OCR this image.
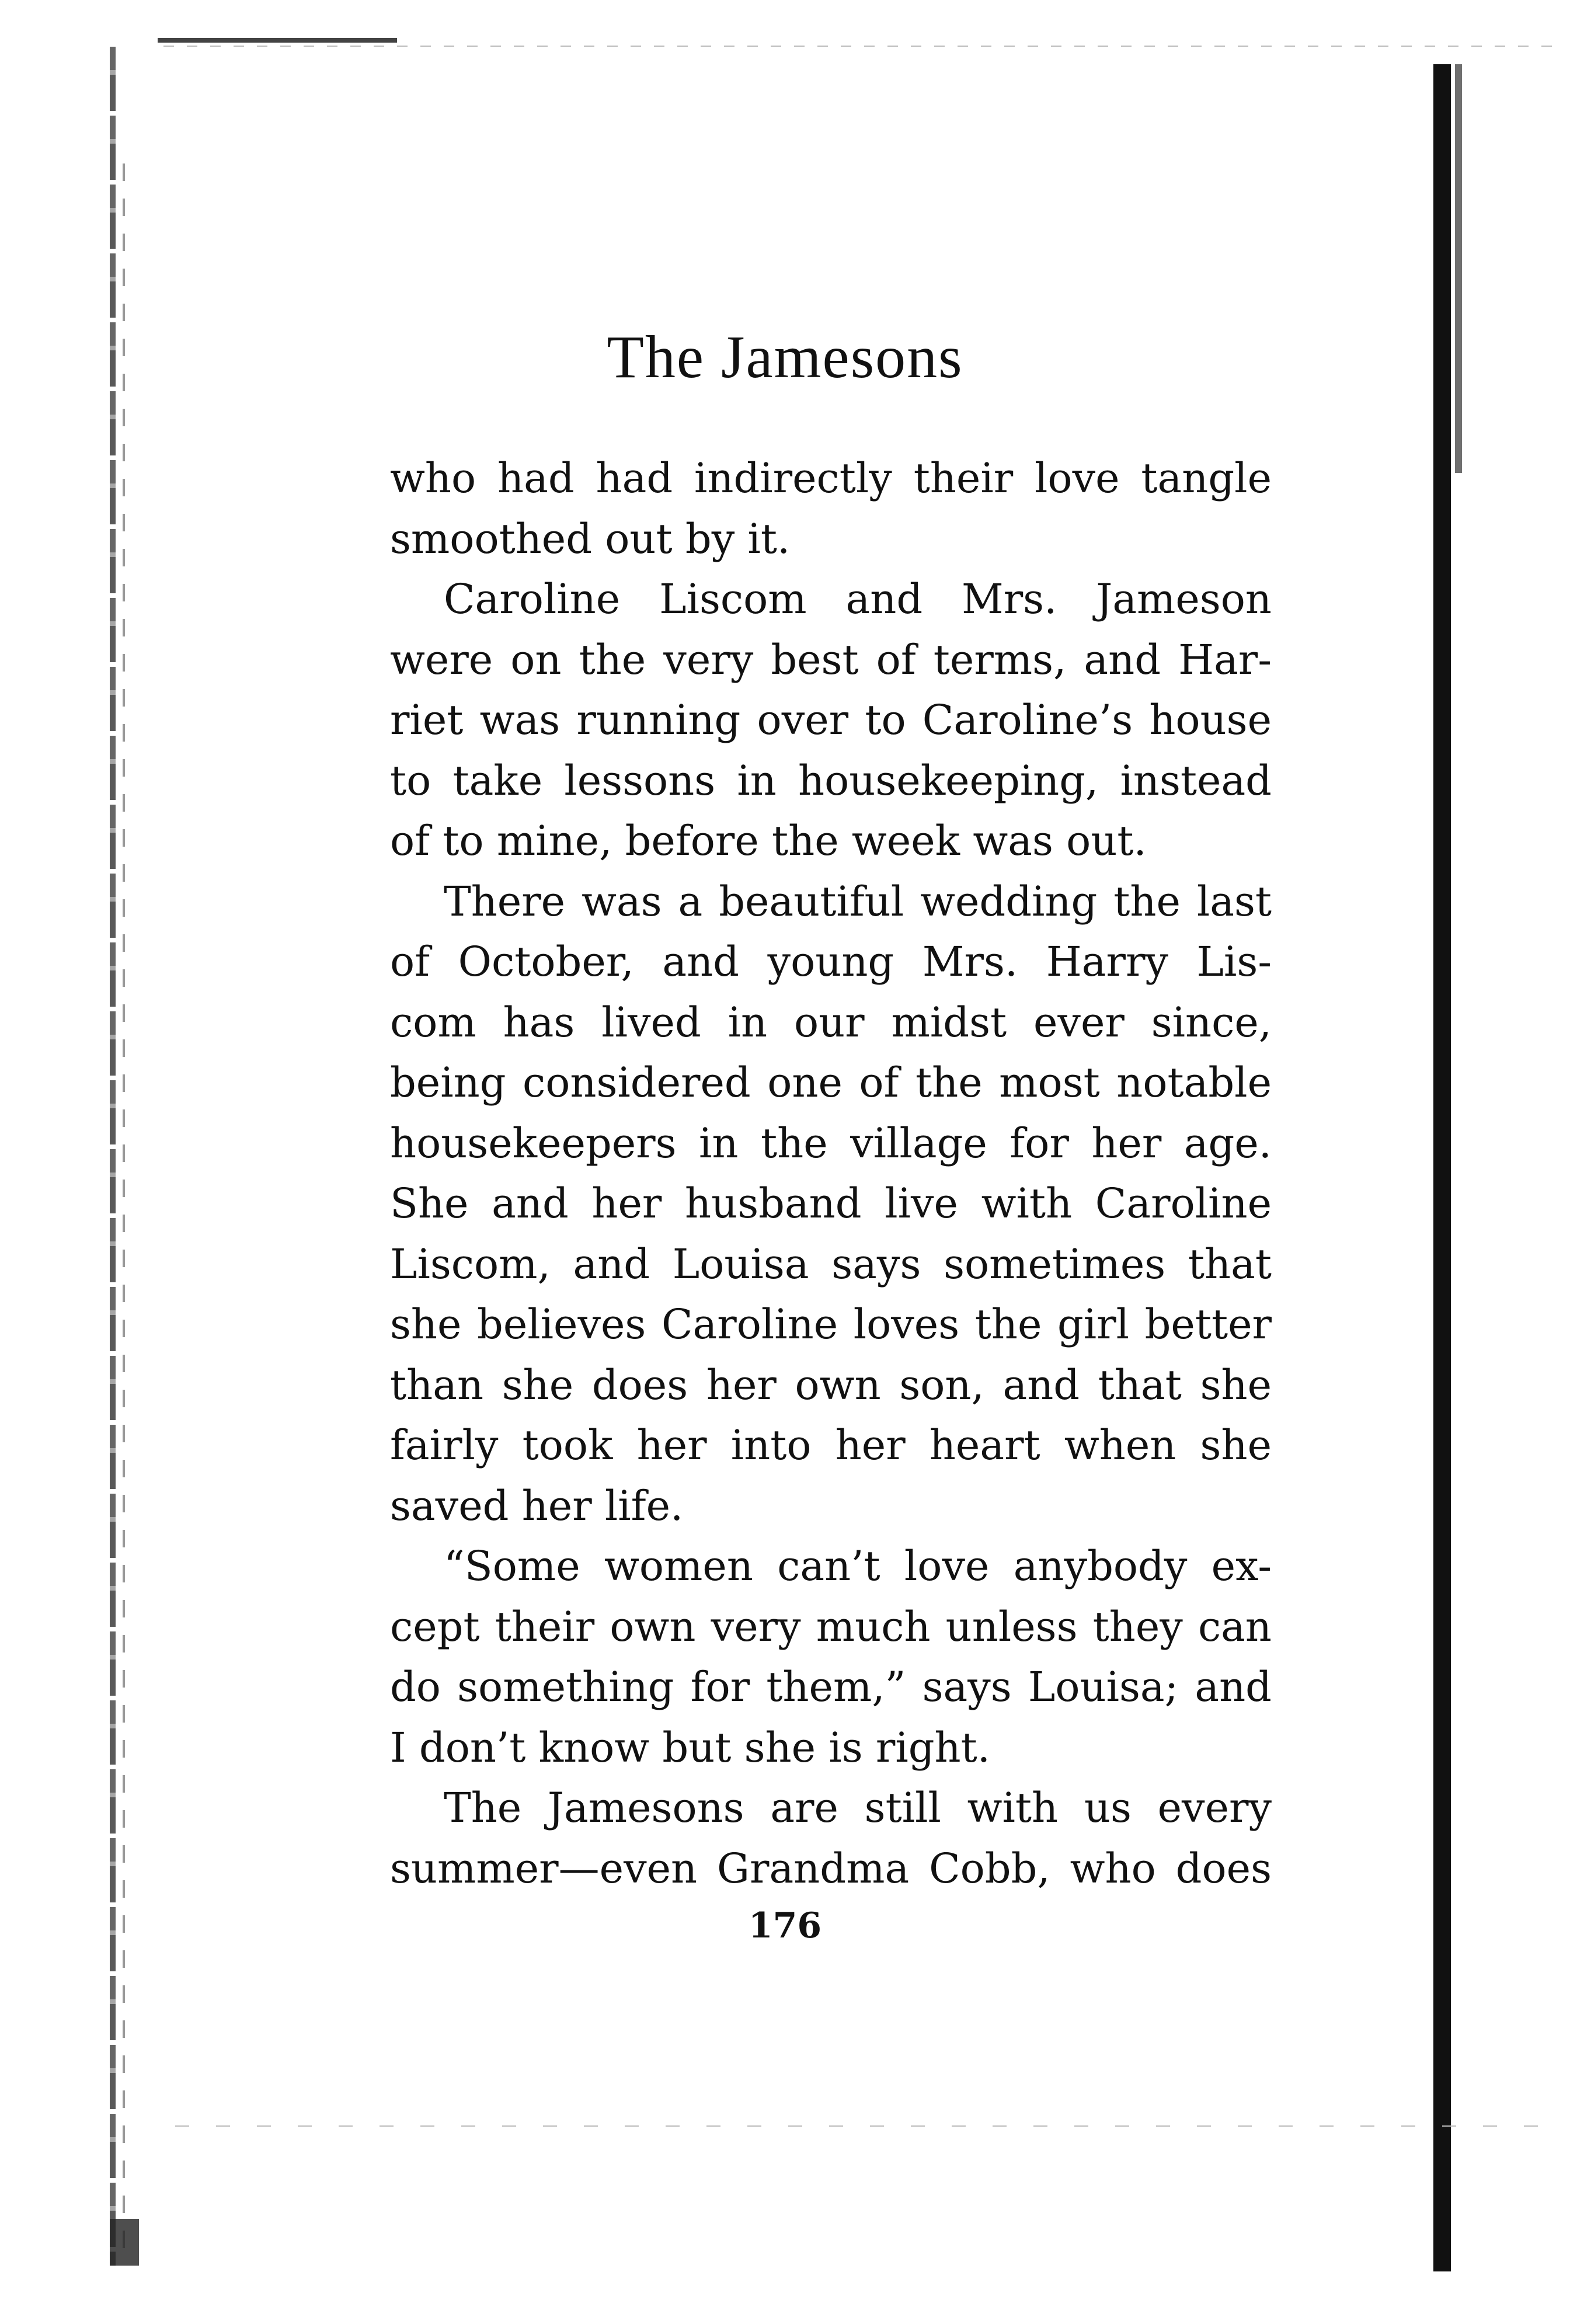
The Jamesons
who had had indirectly their love tangle
smoothed out by it.
Caroline Liscom and Mrs. Jameson
were on the very best of terms, and Har-
riet was running over to Caroline’s house
to take lessons in housekeeping, instead
of to mine, before the week was out.
There was a beautiful wedding the last
of October, and young Mrs. Harry Lis-
com has lived in our midst ever since,
being considered one of the most notable
housekeepers in the village for her age.
She and her husband live with Caroline
Liscom, and Louisa says sometimes that
she believes Caroline loves the girl better
than she does her own son, and that she
fairly took her into her heart when she
saved her life.
“Some women can’t love anybody ex-
cept their own very much unless they can
do something for them,” says Louisa; and
I don’t know but she is right.
The Jamesons are still with us every
summer—even Grandma Cobb, who does
176
